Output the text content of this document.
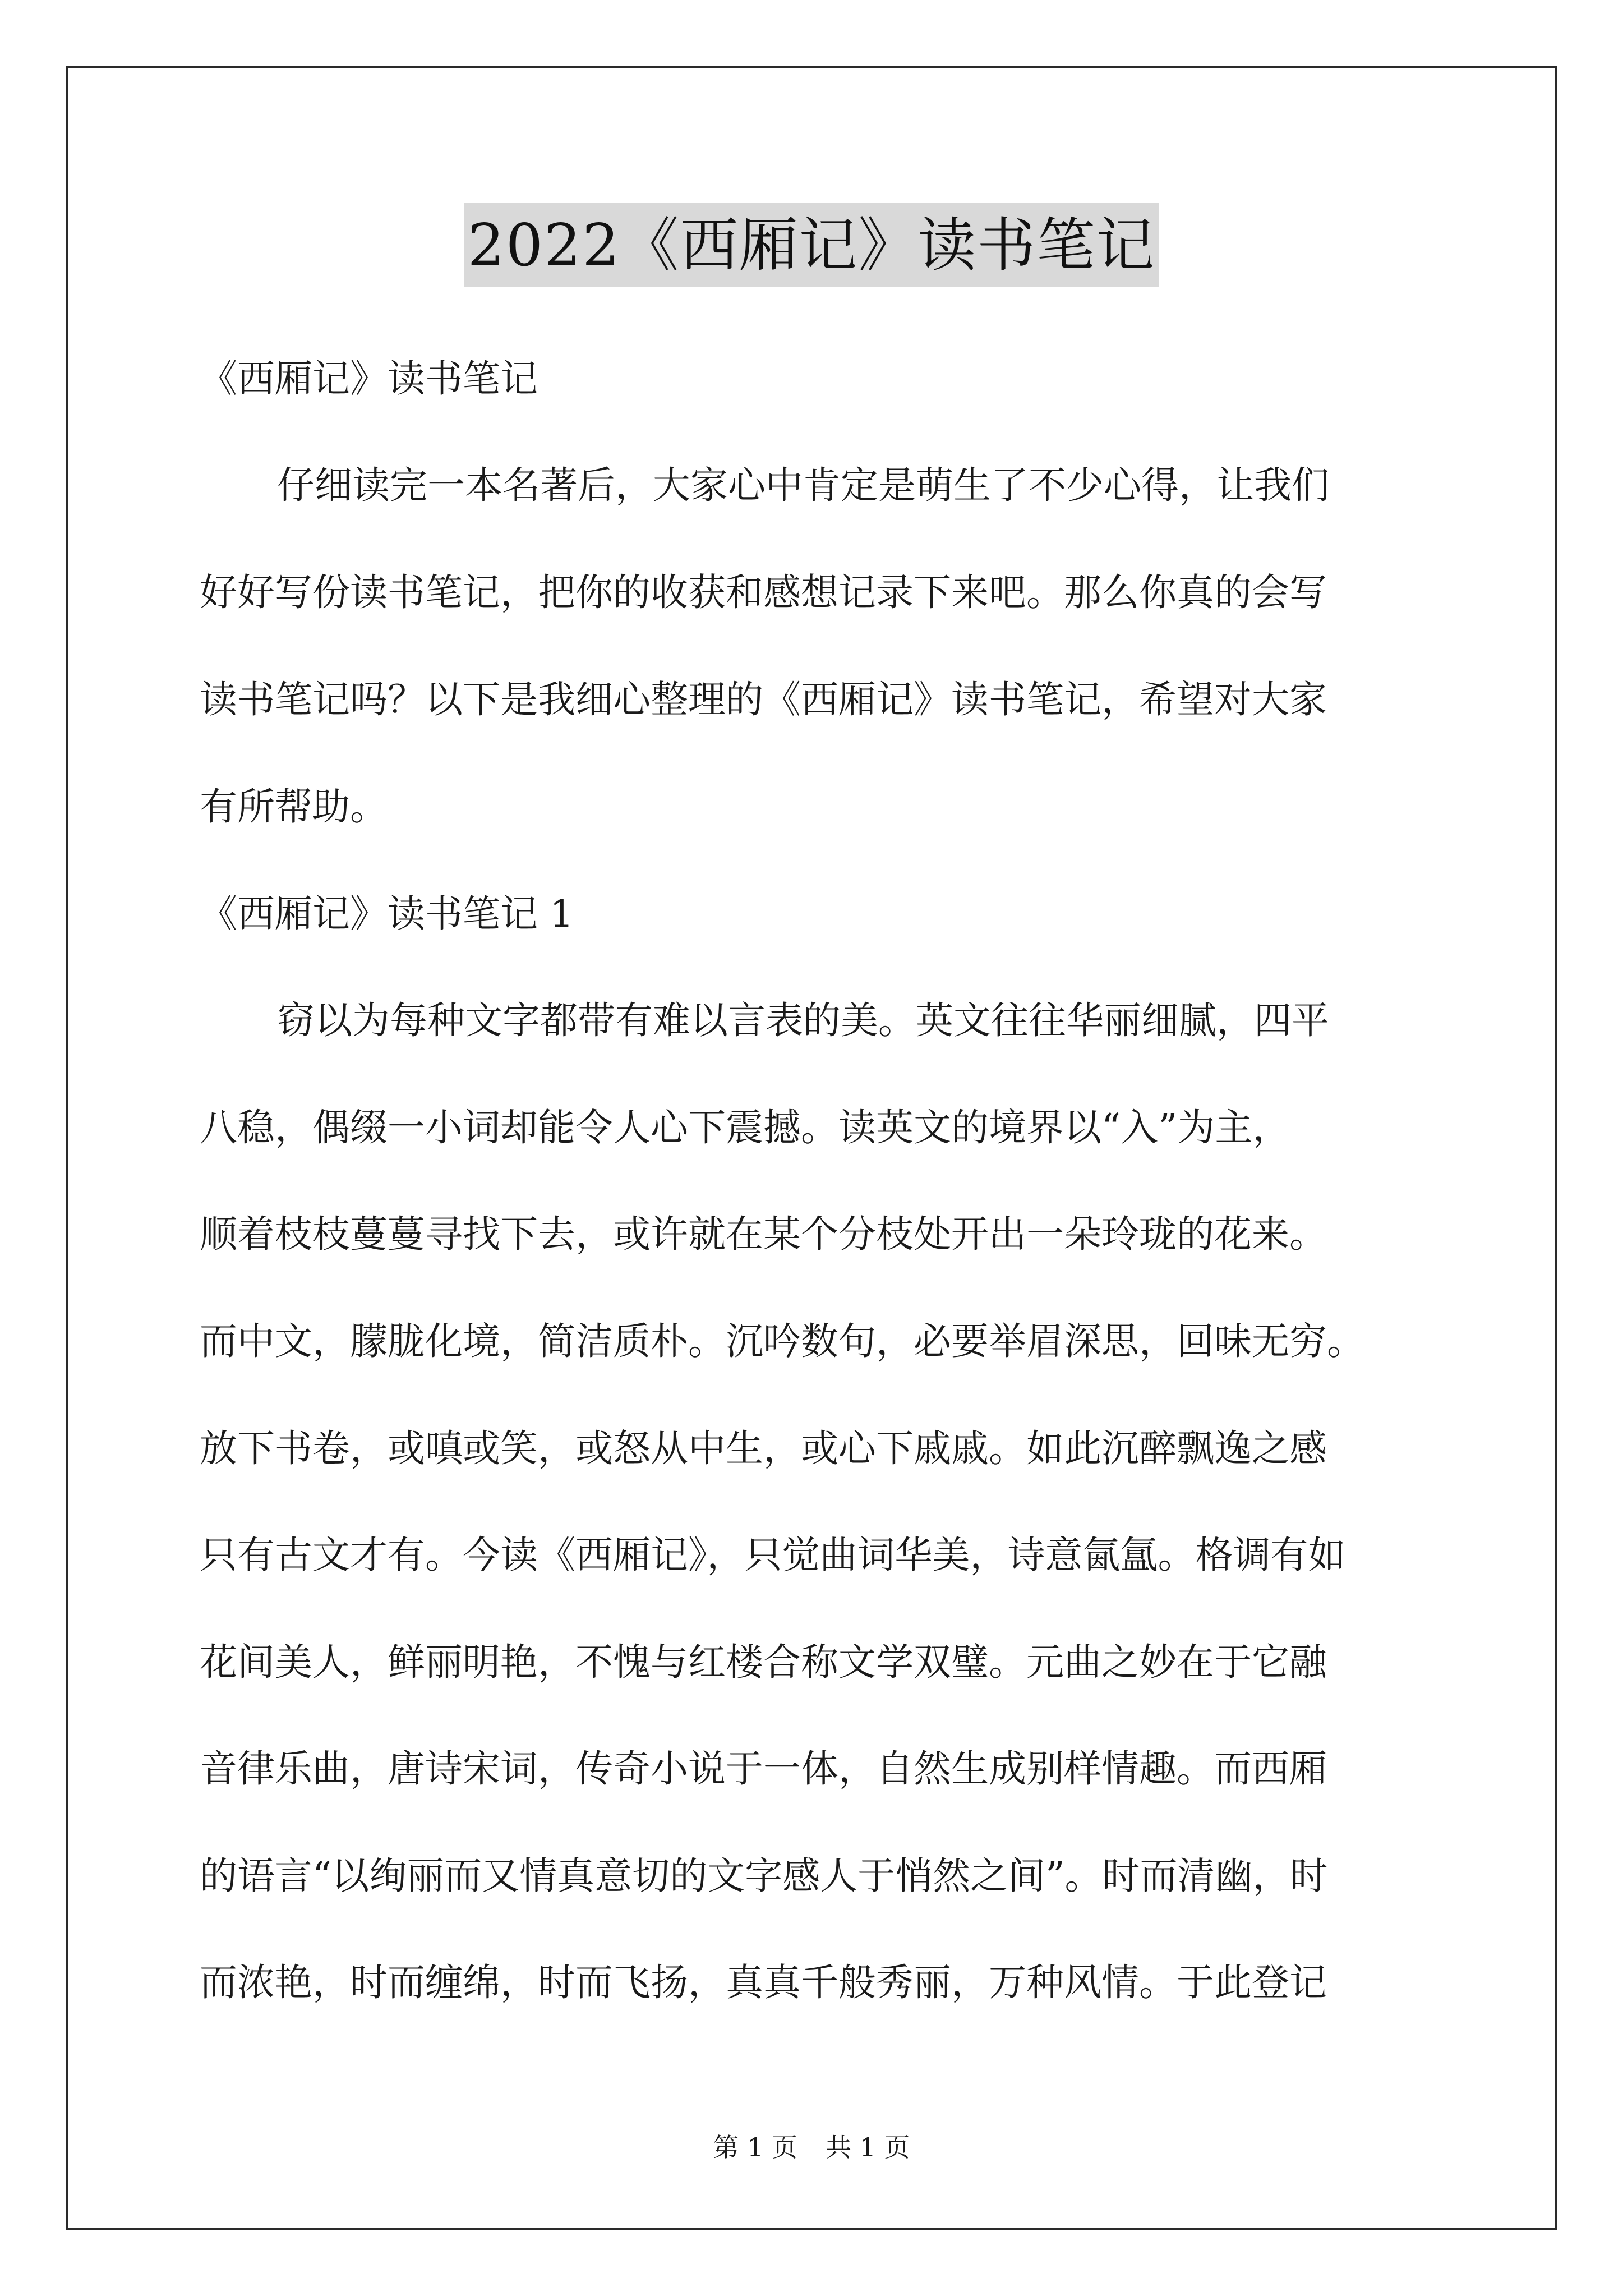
2022《西厢记》读书笔记
《西厢记》读书笔记
仔细读完一本名著后，大家心中肯定是萌生了不少心得，让我们
好好写份读书笔记，把你的收获和感想记录下来吧。那么你真的会写
读书笔记吗？以下是我细心整理的《西厢记》读书笔记，希望对大家
有所帮助。
《西厢记》读书笔记 1
窃以为每种文字都带有难以言表的美。英文往往华丽细腻，四平
八稳，偶缀一小词却能令人心下震撼。读英文的境界以“入”为主，
顺着枝枝蔓蔓寻找下去，或许就在某个分枝处开出一朵玲珑的花来。
而中文，朦胧化境，简洁质朴。沉吟数句，必要举眉深思，回味无穷。
放下书卷，或嗔或笑，或怒从中生，或心下戚戚。如此沉醉飘逸之感
只有古文才有。今读《西厢记》，只觉曲词华美，诗意氤氲。格调有如
花间美人，鲜丽明艳，不愧与红楼合称文学双璧。元曲之妙在于它融
音律乐曲，唐诗宋词，传奇小说于一体，自然生成别样情趣。而西厢
的语言“以绚丽而又情真意切的文字感人于悄然之间”。时而清幽，时
而浓艳，时而缠绵，时而飞扬，真真千般秀丽，万种风情。于此登记
第 1 页 共 1 页
